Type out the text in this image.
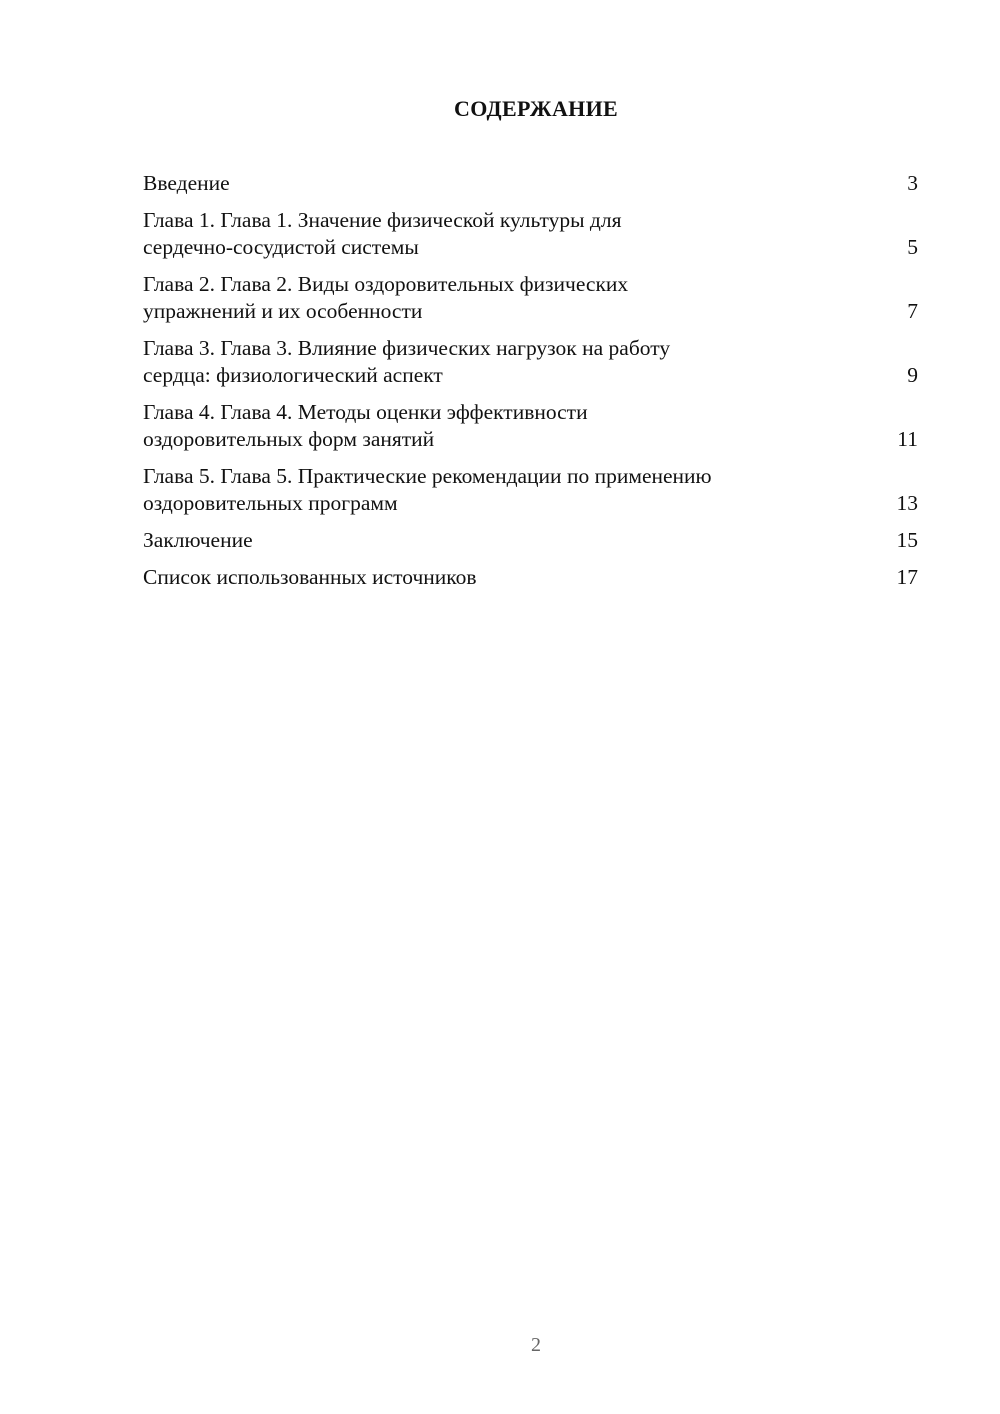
СОДЕРЖАНИЕ
Введение	3
Глава 1. Глава 1. Значение физической культуры для
сердечно-сосудистой системы	5
Глава 2. Глава 2. Виды оздоровительных физических
упражнений и их особенности	7
Глава 3. Глава 3. Влияние физических нагрузок на работу
сердца: физиологический аспект	9
Глава 4. Глава 4. Методы оценки эффективности
оздоровительных форм занятий	11
Глава 5. Глава 5. Практические рекомендации по применению
оздоровительных программ	13
Заключение	15
Список использованных источников	17
2
